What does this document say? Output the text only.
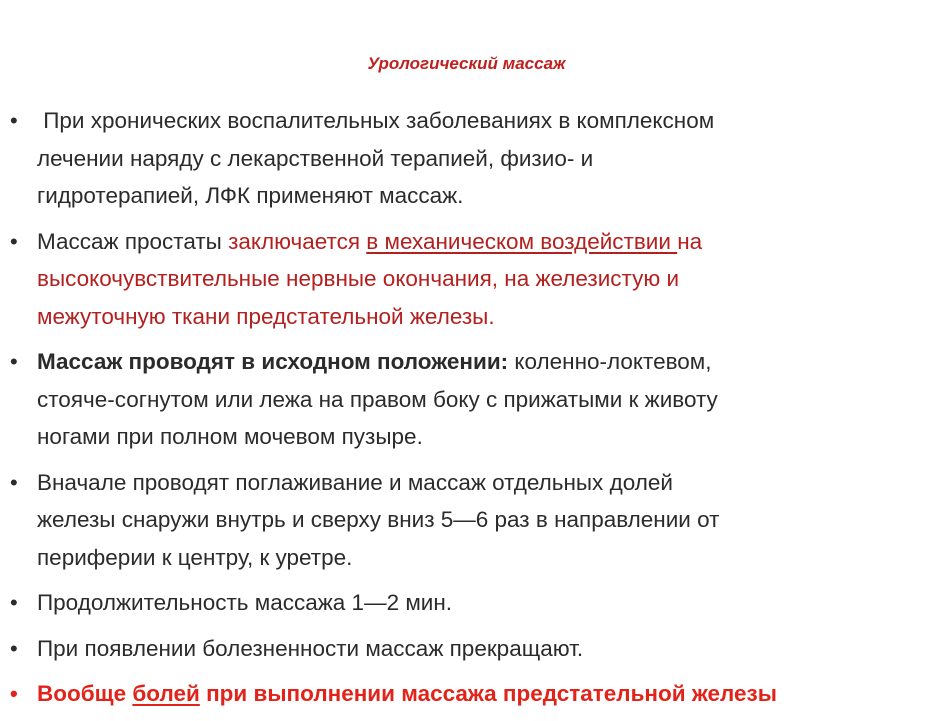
Урологический массаж
• При хронических воспалительных заболеваниях в комплексном
лечении наряду с лекарственной терапией, физио- и
гидротерапией, ЛФК применяют массаж.
• Массаж простаты заключается в механическом воздействии на
высокочувствительные нервные окончания, на железистую и
межуточную ткани предстательной железы.
• Массаж проводят в исходном положении: коленно-локтевом,
стояче-согнутом или лежа на правом боку с прижатыми к животу
ногами при полном мочевом пузыре.
• Вначале проводят поглаживание и массаж отдельных долей
железы снаружи внутрь и сверху вниз 5—6 раз в направлении от
периферии к центру, к уретре.
• Продолжительность массажа 1—2 мин.
• При появлении болезненности массаж прекращают.
• Вообще болей при выполнении массажа предстательной железы
